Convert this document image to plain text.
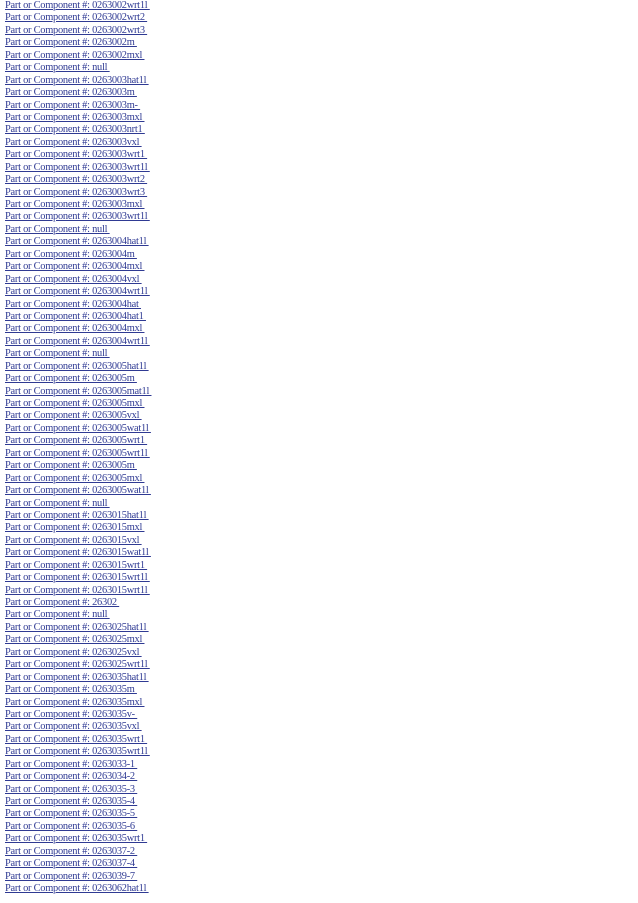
Part or Component #: 0263002wrt1l
Part or Component #: 0263002wrt2
Part or Component #: 0263002wrt3
Part or Component #: 0263002m
Part or Component #: 0263002mxl
Part or Component #: null
Part or Component #: 0263003hat1l
Part or Component #: 0263003m
Part or Component #: 0263003m-
Part or Component #: 0263003mxl
Part or Component #: 0263003nrt1
Part or Component #: 0263003vxl
Part or Component #: 0263003wrt1
Part or Component #: 0263003wrt1l
Part or Component #: 0263003wrt2
Part or Component #: 0263003wrt3
Part or Component #: 0263003mxl
Part or Component #: 0263003wrt1l
Part or Component #: null
Part or Component #: 0263004hat1l
Part or Component #: 0263004m
Part or Component #: 0263004mxl
Part or Component #: 0263004vxl
Part or Component #: 0263004wrt1l
Part or Component #: 0263004hat
Part or Component #: 0263004hat1
Part or Component #: 0263004mxl
Part or Component #: 0263004wrt1l
Part or Component #: null
Part or Component #: 0263005hat1l
Part or Component #: 0263005m
Part or Component #: 0263005mat1l
Part or Component #: 0263005mxl
Part or Component #: 0263005vxl
Part or Component #: 0263005wat1l
Part or Component #: 0263005wrt1
Part or Component #: 0263005wrt1l
Part or Component #: 0263005m
Part or Component #: 0263005mxl
Part or Component #: 0263005wat1l
Part or Component #: null
Part or Component #: 0263015hat1l
Part or Component #: 0263015mxl
Part or Component #: 0263015vxl
Part or Component #: 0263015wat1l
Part or Component #: 0263015wrt1
Part or Component #: 0263015wrt1l
Part or Component #: 0263015wrt1l
Part or Component #: 26302
Part or Component #: null
Part or Component #: 0263025hat1l
Part or Component #: 0263025mxl
Part or Component #: 0263025vxl
Part or Component #: 0263025wrt1l
Part or Component #: 0263035hat1l
Part or Component #: 0263035m
Part or Component #: 0263035mxl
Part or Component #: 0263035v-
Part or Component #: 0263035vxl
Part or Component #: 0263035wrt1
Part or Component #: 0263035wrt1l
Part or Component #: 0263033-1
Part or Component #: 0263034-2
Part or Component #: 0263035-3
Part or Component #: 0263035-4
Part or Component #: 0263035-5
Part or Component #: 0263035-6
Part or Component #: 0263035wrt1
Part or Component #: 0263037-2
Part or Component #: 0263037-4
Part or Component #: 0263039-7
Part or Component #: 0263062hat1l
